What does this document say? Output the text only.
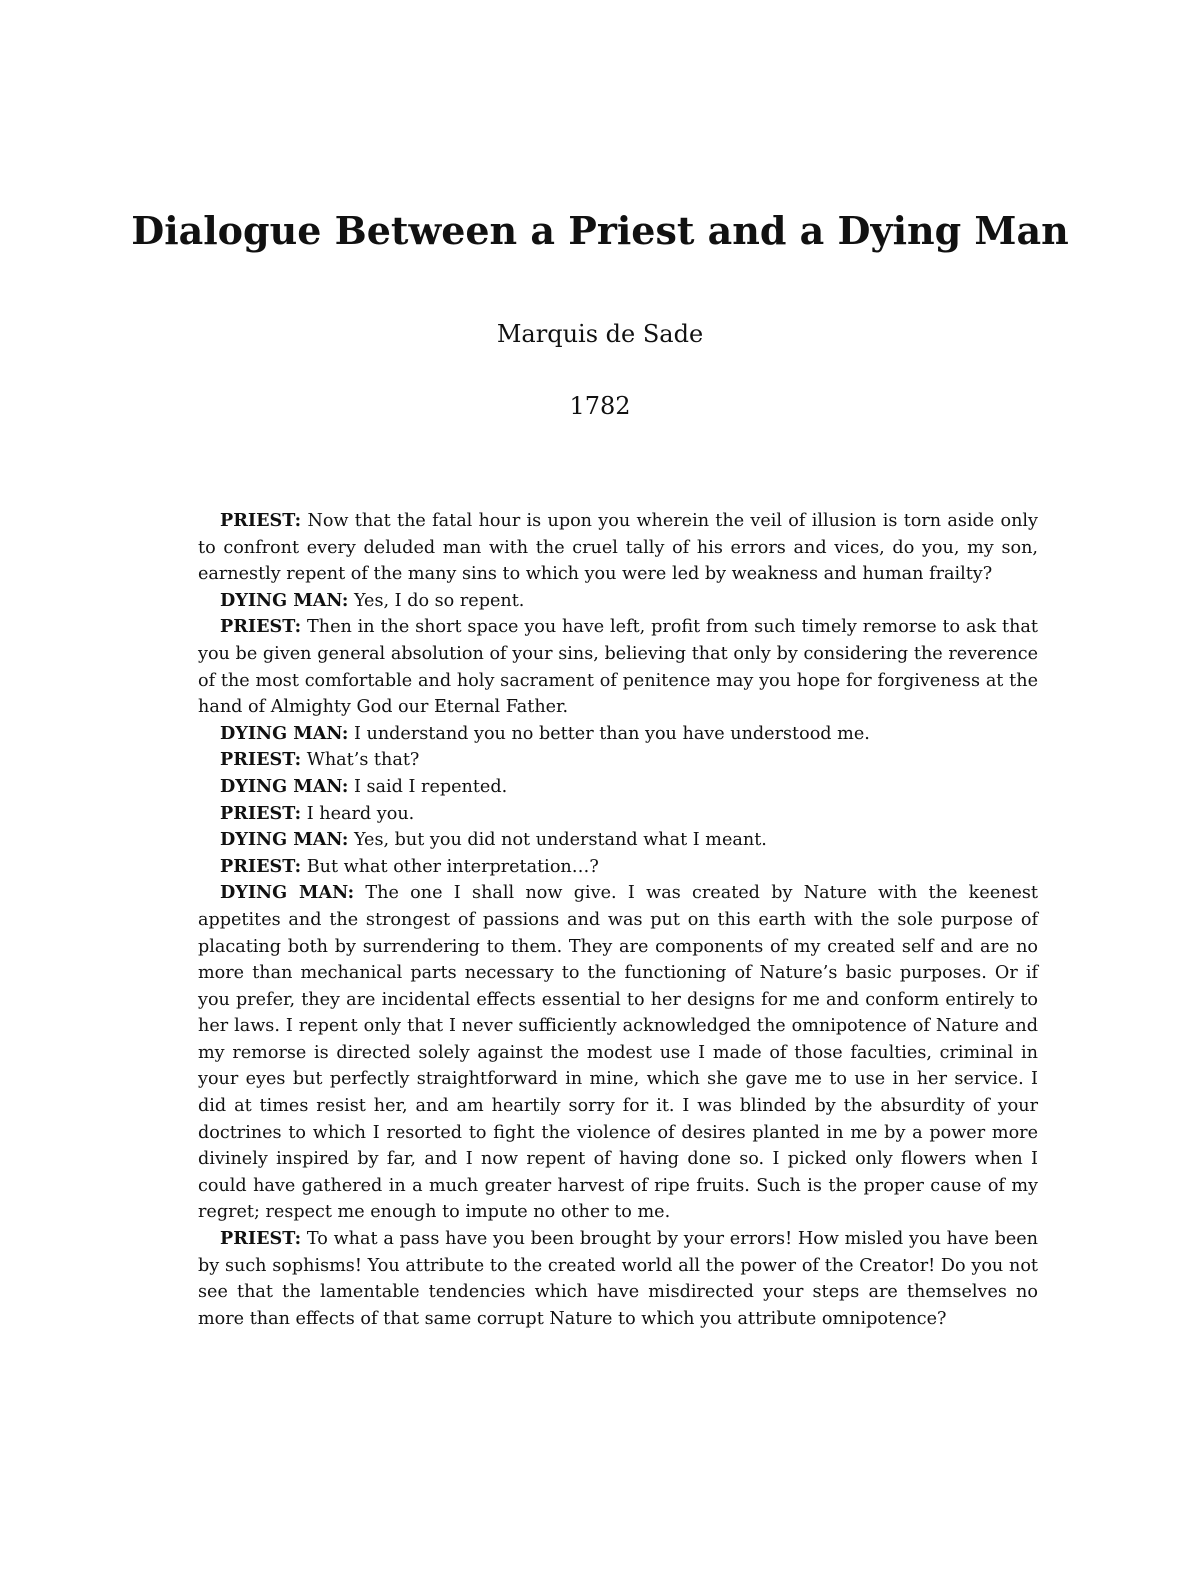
Dialogue Between a Priest and a Dying Man
Marquis de Sade
1782

PRIEST: Now that the fatal hour is upon you wherein the veil of illusion is torn aside only to confront every deluded man with the cruel tally of his errors and vices, do you, my son, earnestly repent of the many sins to which you were led by weakness and human frailty?

DYING MAN: Yes, I do so repent.

PRIEST: Then in the short space you have left, profit from such timely remorse to ask that you be given general absolution of your sins, believing that only by considering the reverence of the most comfortable and holy sacrament of penitence may you hope for forgiveness at the hand of Almighty God our Eternal Father.

DYING MAN: I understand you no better than you have understood me.

PRIEST: What’s that?

DYING MAN: I said I repented.

PRIEST: I heard you.

DYING MAN: Yes, but you did not understand what I meant.

PRIEST: But what other interpretation…?

DYING MAN: The one I shall now give. I was created by Nature with the keenest appetites and the strongest of passions and was put on this earth with the sole purpose of placating both by surrendering to them. They are components of my created self and are no more than mechanical parts necessary to the functioning of Nature’s basic purposes. Or if you prefer, they are incidental effects essential to her designs for me and conform entirely to her laws. I repent only that I never sufficiently acknowledged the omnipotence of Nature and my remorse is directed solely against the modest use I made of those faculties, criminal in your eyes but perfectly straightforward in mine, which she gave me to use in her service. I did at times resist her, and am heartily sorry for it. I was blinded by the absurdity of your doctrines to which I resorted to fight the violence of desires planted in me by a power more divinely inspired by far, and I now repent of having done so. I picked only flowers when I could have gathered in a much greater harvest of ripe fruits. Such is the proper cause of my regret; respect me enough to impute no other to me.

PRIEST: To what a pass have you been brought by your errors! How misled you have been by such sophisms! You attribute to the created world all the power of the Creator! Do you not see that the lamentable tendencies which have misdirected your steps are themselves no more than effects of that same corrupt Nature to which you attribute omnipotence?
